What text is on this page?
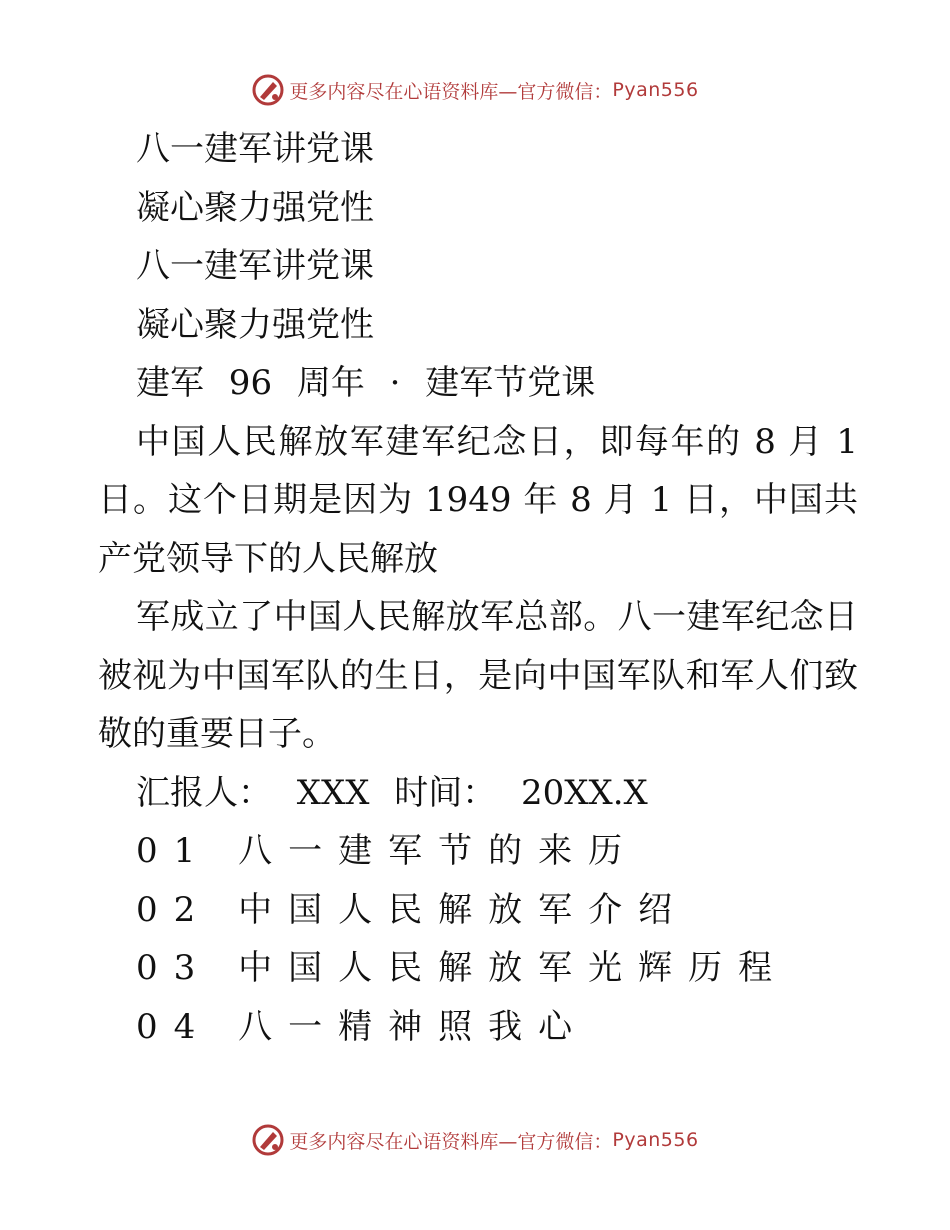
更多内容尽在心语资料库—官方微信： Pyan556

八一建军讲党课

凝心聚力强党性

八一建军讲党课

凝心聚力强党性

建军 96 周年 · 建军节党课

中国人民解放军建军纪念日，即每年的 8 月 1

日。这个日期是因为 1949 年 8 月 1 日，中国共

产党领导下的人民解放

军成立了中国人民解放军总部。八一建军纪念日

被视为中国军队的生日，是向中国军队和军人们致

敬的重要日子。

汇报人： XXX 时间： 20XX.X

01 八一建军节的来历

02 中国人民解放军介绍

03 中国人民解放军光辉历程

04 八一精神照我心

更多内容尽在心语资料库—官方微信： Pyan556
